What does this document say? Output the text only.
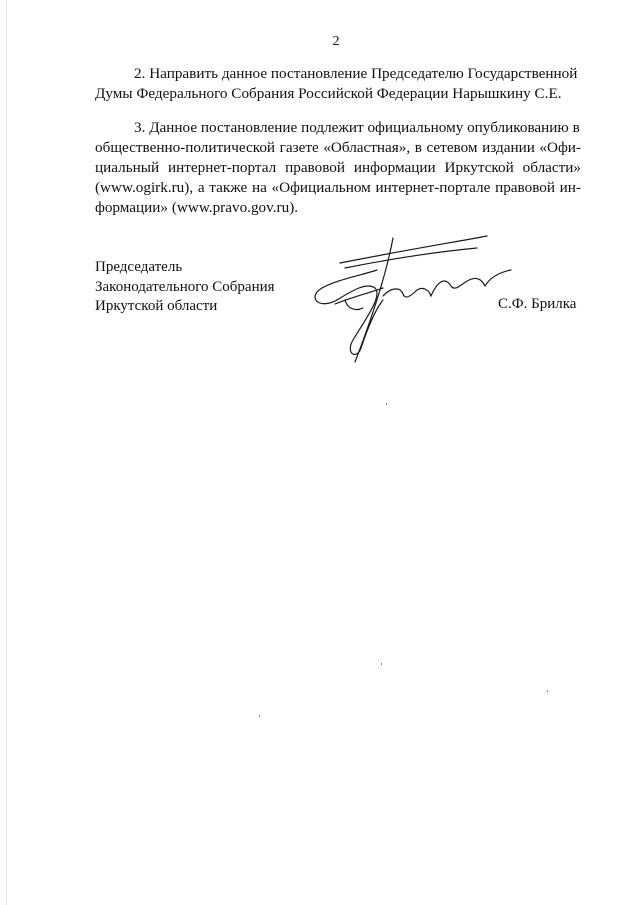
2
2. Направить данное постановление Председателю Государственной
Думы Федерального Собрания Российской Федерации Нарышкину С.Е.
3. Данное постановление подлежит официальному опубликованию в
общественно-политической газете «Областная», в сетевом издании «Офи-
циальный интернет-портал правовой информации Иркутской области»
(www.ogirk.ru), а также на «Официальном интернет-портале правовой ин-
формации» (www.pravo.gov.ru).
Председатель
Законодательного Собрания
Иркутской области	С.Ф. Брилка
